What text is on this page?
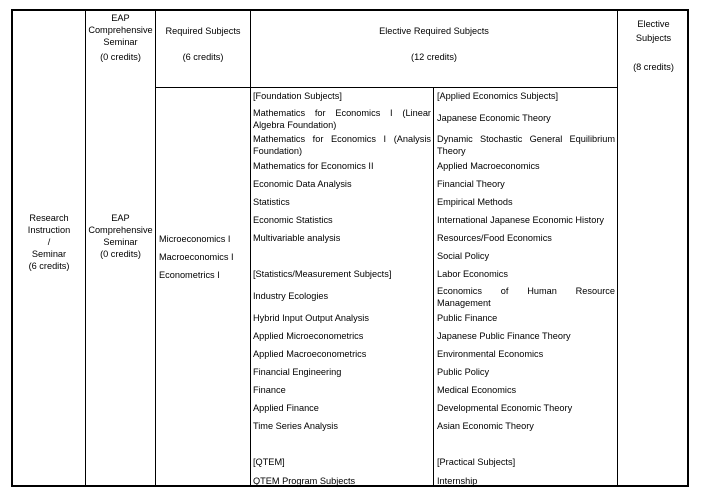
EAP
Comprehensive
Seminar
(0 credits)
Required Subjects
(6 credits)
Elective Required Subjects
(12 credits)
Elective
Subjects
(8 credits)
Research
Instruction
/
Seminar
(6 credits)
EAP
Comprehensive
Seminar
(0 credits)
Microeconomics I
Macroeconomics I
Econometrics I
[Foundation Subjects]
Mathematics for Economics I (Linear
Algebra Foundation)
Mathematics for Economics I (Analysis
Foundation)
Mathematics for Economics II
Economic Data Analysis
Statistics
Economic Statistics
Multivariable analysis
[Statistics/Measurement Subjects]
Industry Ecologies
Hybrid Input Output Analysis
Applied Microeconometrics
Applied Macroeconometrics
Financial Engineering
Finance
Applied Finance
Time Series Analysis
[QTEM]
QTEM Program Subjects
[Applied Economics Subjects]
Japanese Economic Theory
Dynamic Stochastic General Equilibrium
Theory
Applied Macroeconomics
Financial Theory
Empirical Methods
International Japanese Economic History
Resources/Food Economics
Social Policy
Labor Economics
Economics of Human Resource
Management
Public Finance
Japanese Public Finance Theory
Environmental Economics
Public Policy
Medical Economics
Developmental Economic Theory
Asian Economic Theory
[Practical Subjects]
Internship
